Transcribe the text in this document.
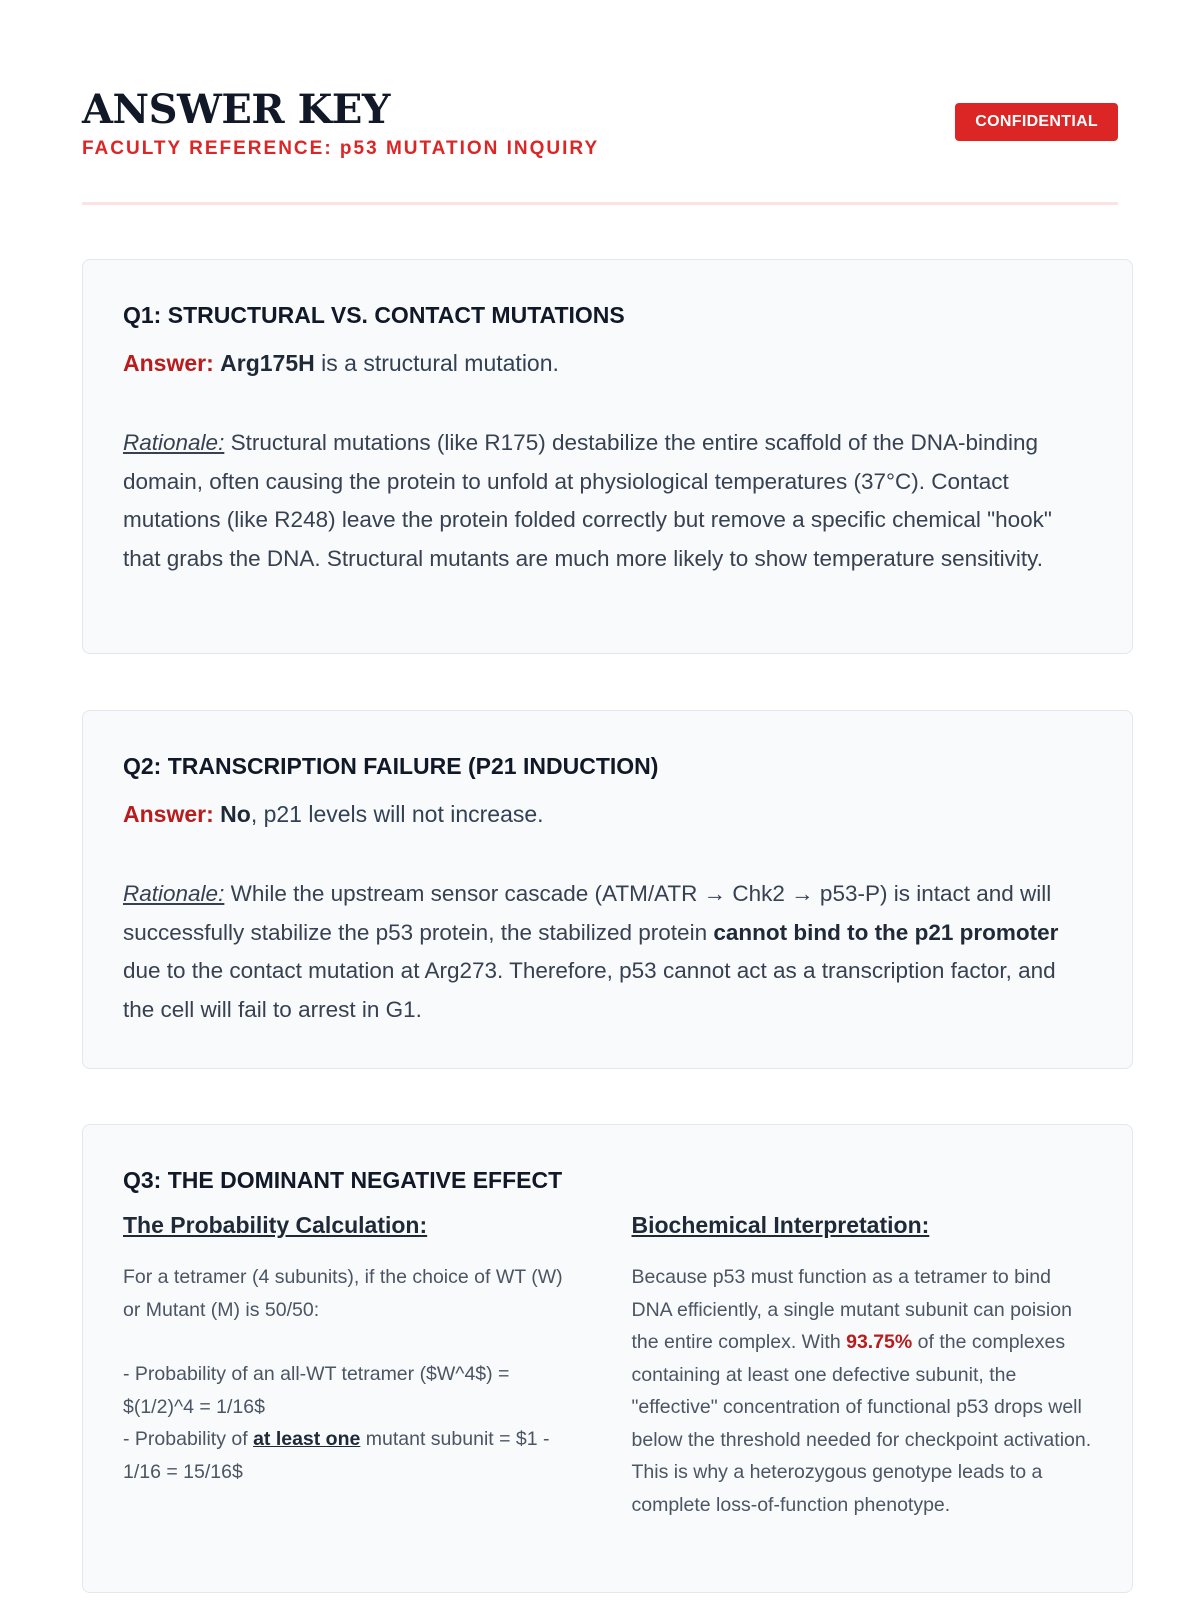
ANSWER KEY
FACULTY REFERENCE: p53 MUTATION INQUIRY
CONFIDENTIAL
Q1: STRUCTURAL VS. CONTACT MUTATIONS
Answer: Arg175H is a structural mutation.
Rationale: Structural mutations (like R175) destabilize the entire scaffold of the DNA-binding domain, often causing the protein to unfold at physiological temperatures (37°C). Contact mutations (like R248) leave the protein folded correctly but remove a specific chemical "hook" that grabs the DNA. Structural mutants are much more likely to show temperature sensitivity.
Q2: TRANSCRIPTION FAILURE (P21 INDUCTION)
Answer: No, p21 levels will not increase.
Rationale: While the upstream sensor cascade (ATM/ATR → Chk2 → p53-P) is intact and will successfully stabilize the p53 protein, the stabilized protein cannot bind to the p21 promoter due to the contact mutation at Arg273. Therefore, p53 cannot act as a transcription factor, and the cell will fail to arrest in G1.
Q3: THE DOMINANT NEGATIVE EFFECT
The Probability Calculation:
For a tetramer (4 subunits), if the choice of WT (W) or Mutant (M) is 50/50:
- Probability of an all-WT tetramer ($W^4$) = $(1/2)^4 = 1/16$
- Probability of at least one mutant subunit = $1 - 1/16 = 15/16$
Biochemical Interpretation:
Because p53 must function as a tetramer to bind DNA efficiently, a single mutant subunit can poision the entire complex. With 93.75% of the complexes containing at least one defective subunit, the "effective" concentration of functional p53 drops well below the threshold needed for checkpoint activation. This is why a heterozygous genotype leads to a complete loss-of-function phenotype.
